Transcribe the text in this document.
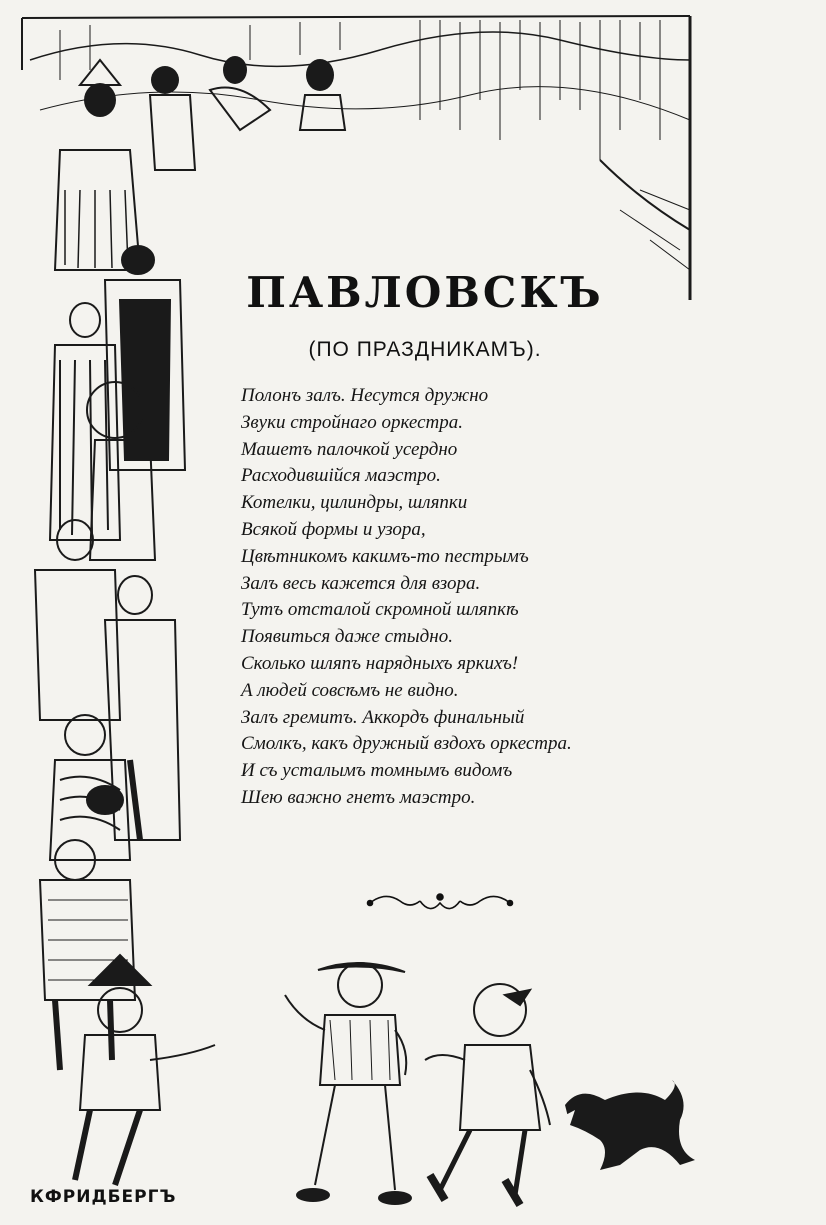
ПАВЛОВСКЪ

(ПО ПРАЗДНИКАМЪ).

Полонъ залъ. Несутся дружно
Звуки стройнаго оркестра.
Машетъ палочкой усердно
Расходившійся маэстро.
Котелки, цилиндры, шляпки
Всякой формы и узора,
Цвѣтникомъ какимъ-то пестрымъ
Залъ весь кажется для взора.
Тутъ отсталой скромной шляпкѣ
Появиться даже стыдно.
Сколько шляпъ нарядныхъ яркихъ!
А людей совсѣмъ не видно.
Залъ гремитъ. Аккордъ финальный
Смолкъ, какъ дружный вздохъ оркестра.
И съ усталымъ томнымъ видомъ
Шею важно гнетъ маэстро.

КФРИДБЕРГЪ
